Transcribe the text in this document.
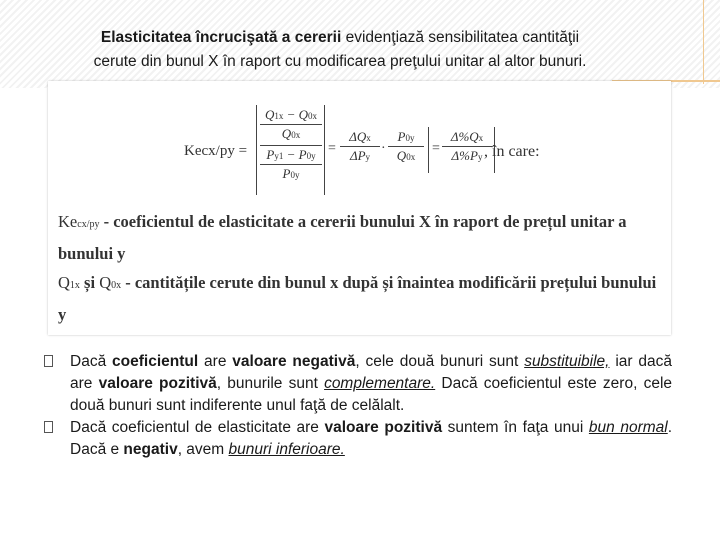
Elasticitatea încrucişată a cererii evidenţiază sensibilitatea cantităţii
cerute din bunul X în raport cu modificarea preţului unitar al altor bunuri.
Kecx/py =
Q1x − Q0x
Q0x
Py1 − P0y
P0y
=
ΔQx
ΔPy
·
P0y
Q0x
=
Δ%Qx
Δ%Py , în care:
Kecx/py - coeficientul de elasticitate a cererii bunului X în raport de prețul unitar a bunului y
Q1x și Q0x - cantitățile cerute din bunul x după și înaintea modificării prețului bunului y
Dacă coeficientul are valoare negativă, cele două bunuri sunt substituibile, iar dacă are valoare pozitivă, bunurile sunt complementare. Dacă coeficientul este zero, cele două bunuri sunt indiferente unul faţă de celălalt.
Dacă coeficientul de elasticitate are valoare pozitivă suntem în faţa unui bun normal. Dacă e negativ, avem bunuri inferioare.
